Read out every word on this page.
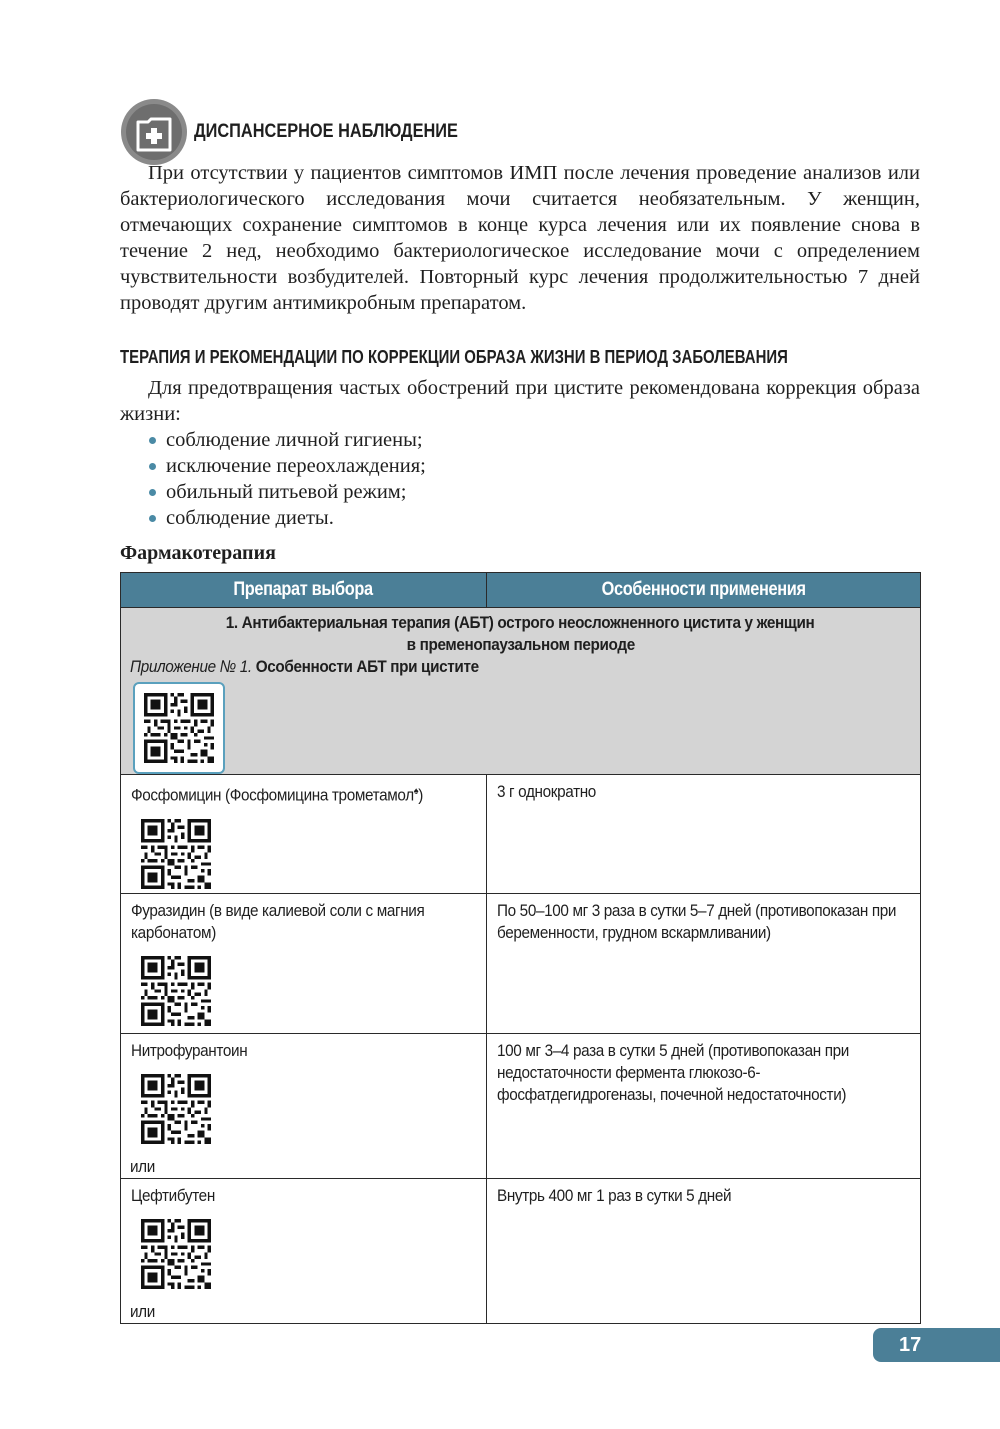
ДИСПАНСЕРНОЕ НАБЛЮДЕНИЕ

При отсутствии у пациентов симптомов ИМП после лечения проведение анализов или бактериологического исследования мочи считается необязательным. У женщин, отмечающих сохранение симптомов в конце курса лечения или их появление снова в течение 2 нед, необходимо бактериологическое исследование мочи с определением чувствительности возбудителей. Повторный курс лечения продолжительностью 7 дней проводят другим антимикробным препаратом.

ТЕРАПИЯ И РЕКОМЕНДАЦИИ ПО КОРРЕКЦИИ ОБРАЗА ЖИЗНИ В ПЕРИОД ЗАБОЛЕВАНИЯ

Для предотвращения частых обострений при цистите рекомендована коррекция образа жизни:

соблюдение личной гигиены;
исключение переохлаждения;
обильный питьевой режим;
соблюдение диеты.
Фармакотерапия
Препарат выбора	Особенности применения

1. Антибактериальная терапия (АБТ) острого неосложненного цистита у женщин
в пременопаузальном периоде
Приложение № 1. Особенности АБТ при цистите	

Фосфомицин (Фосфомицина трометамол♠)	3 г однократно

Фуразидин (в виде калиевой соли с магния карбонатом)	По 50–100 мг 3 раза в сутки 5–7 дней (противопоказан при беременности, грудном вскармливании)

Нитрофурантоин
или	100 мг 3–4 раза в сутки 5 дней (противопоказан при недостаточности фермента глюкозо-6-фосфатдегидрогеназы, почечной недостаточности)

Цефтибутен
или	Внутрь 400 мг 1 раз в сутки 5 дней
17
